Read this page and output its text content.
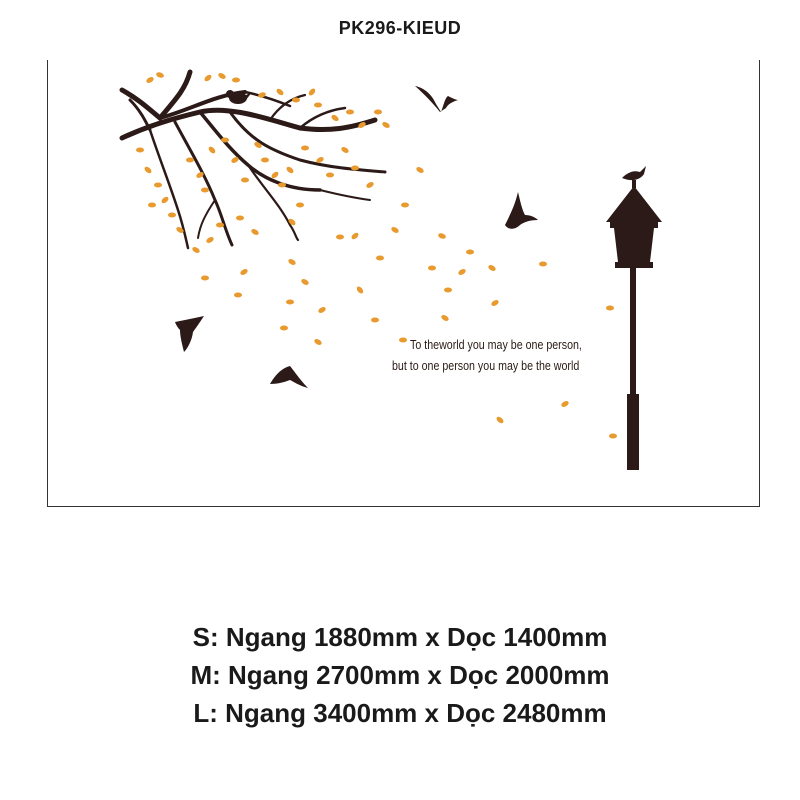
PK296-KIEUD
To theworld you may be one person,
but to one person you may be the world
S: Ngang 1880mm x Dọc 1400mm
M: Ngang 2700mm x Dọc 2000mm
L: Ngang 3400mm x Dọc 2480mm
